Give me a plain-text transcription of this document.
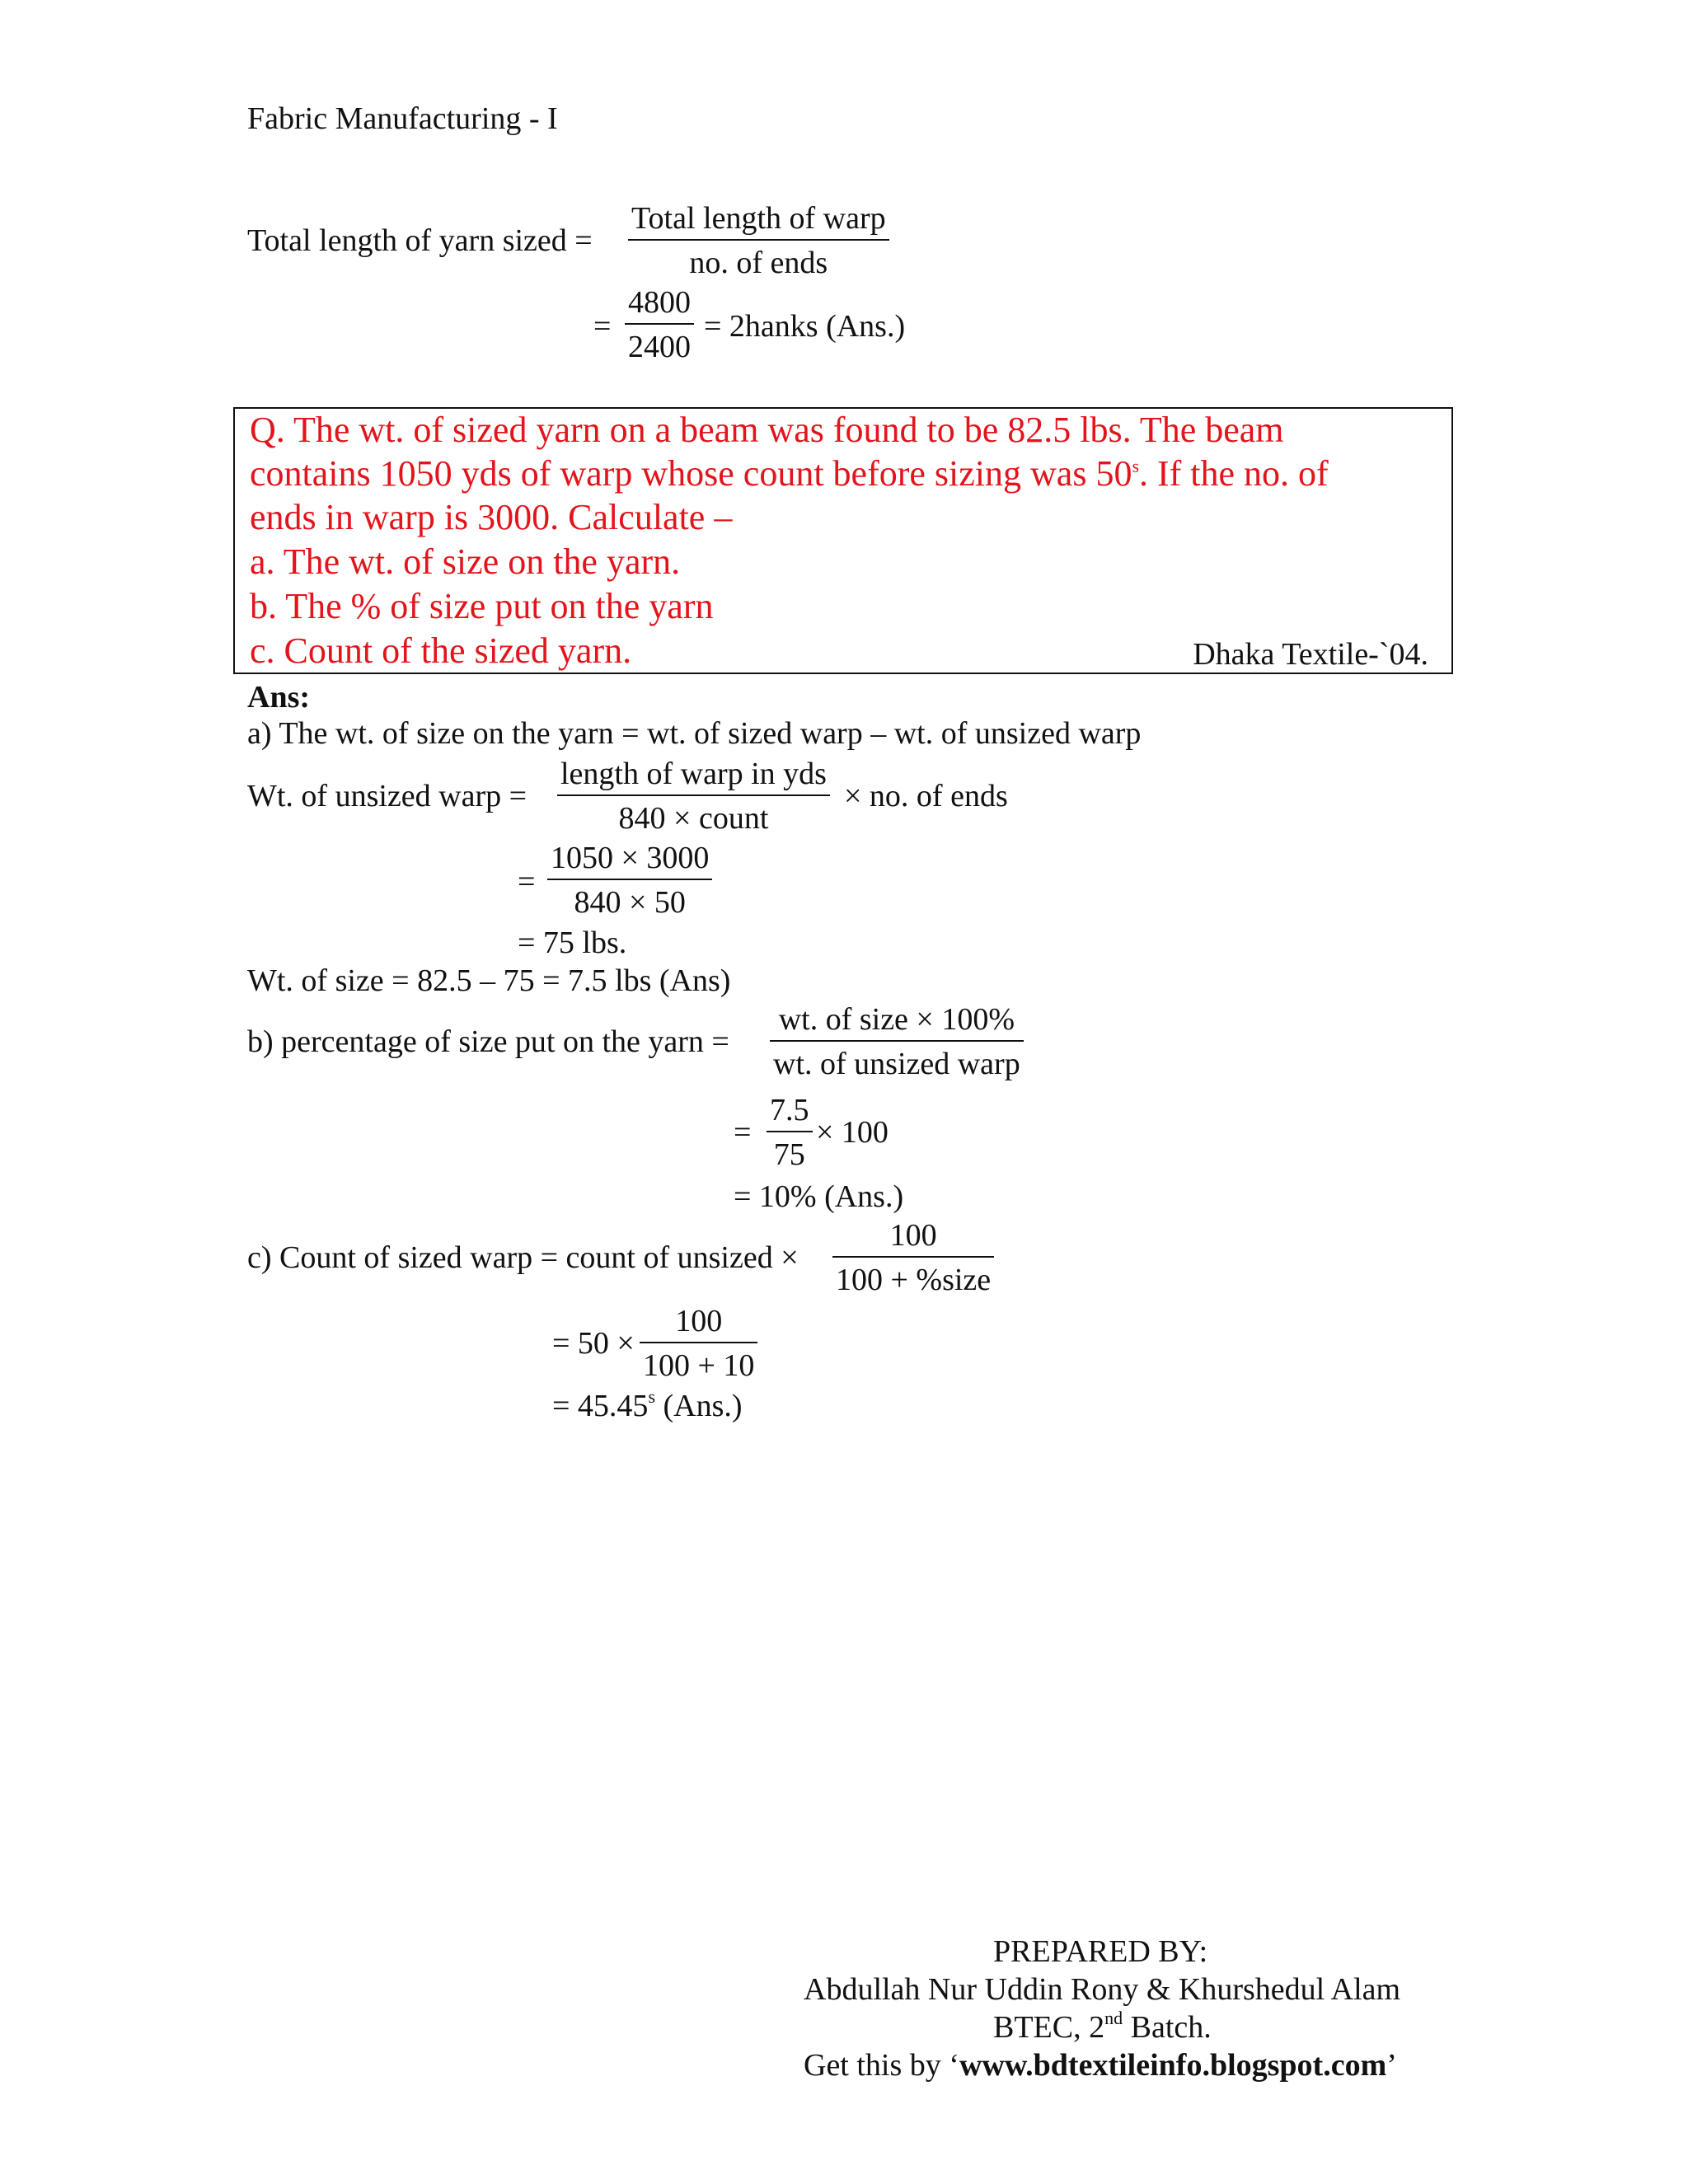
Fabric Manufacturing - I
Total length of yarn sized =
Total length of warp
no. of ends
=
4800
2400
= 2hanks (Ans.)
Q. The wt. of sized yarn on a beam was found to be 82.5 lbs. The beam
contains 1050 yds of warp whose count before sizing was 50$^s$. If the no. of
ends in warp is 3000. Calculate –
a. The wt. of size on the yarn.
b. The % of size put on the yarn
c. Count of the sized yarn.	Dhaka Textile-`04.
Ans:
a) The wt. of size on the yarn = wt. of sized warp – wt. of unsized warp
Wt. of unsized warp =
length of warp in yds
840 × count
× no. of ends
=
1050 × 3000
840 × 50
= 75 lbs.
Wt. of size = 82.5 – 75 = 7.5 lbs (Ans)
b) percentage of size put on the yarn =
wt. of size × 100%
wt. of unsized warp
=
7.5
75
× 100
= 10% (Ans.)
c) Count of sized warp = count of unsized ×
100
100 + %size
= 50 ×
100
100 + 10
= $45.45^s$ (Ans.)
PREPARED BY:
Abdullah Nur Uddin Rony & Khurshedul Alam
BTEC, 2nd Batch.
Get this by ‘www.bdtextileinfo.blogspot.com’
